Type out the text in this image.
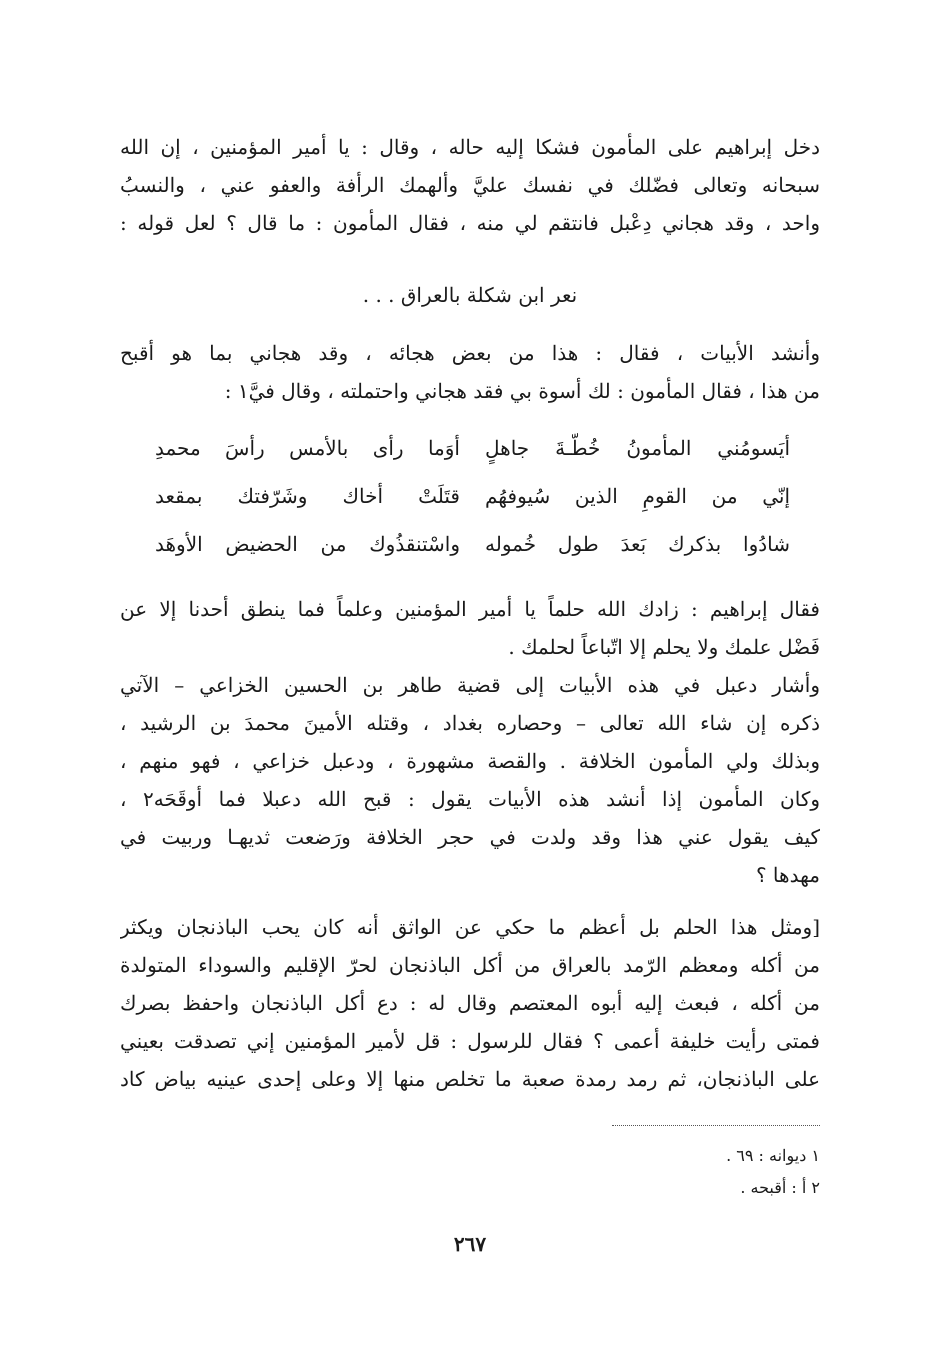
دخل إبراهيم على المأمون فشكا إليه حاله ، وقال : يا أمير المؤمنين ، إن الله
سبحانه وتعالى فضّلك في نفسك عليَّ وألهمك الرأفة والعفو عني ، والنسبُ
واحد ، وقد هجاني دِعْبل فانتقم لي منه ، فقال المأمون : ما قال ؟ لعل قوله :
نعر ابن شكلة بالعراق . . .
وأنشد الأبيات ، فقال : هذا من بعض هجائه ، وقد هجاني بما هو أقبح
من هذا ، فقال المأمون : لك أسوة بي فقد هجاني واحتملته ، وقال فيَّ١ :
أيَسومُني المأمونُ خُطّـةَ جاهلٍ
أوَما رأى بالأمس رأسَ محمدِ
إنّي من القومِ الذين سُيوفهُم
قتَلَتْ أخاك وشَرّفتك بمقعد
شادُوا بذكرك بَعدَ طول خُموله
واسْتنقذُوك من الحضيض الأوهَد
فقال إبراهيم : زادك الله حلماً يا أمير المؤمنين وعلماً فما ينطق أحدنا إلا عن
فَضْل علمك ولا يحلم إلا اتّباعاً لحلمك .
وأشار دعبل في هذه الأبيات إلى قضية طاهر بن الحسين الخزاعي – الآتي
ذكره إن شاء الله تعالى – وحصاره بغداد ، وقتله الأمينَ محمدَ بن الرشيد ،
وبذلك ولي المأمون الخلافة . والقصة مشهورة ، ودعبل خزاعي ، فهو منهم ،
وكان المأمون إذا أنشد هذه الأبيات يقول : قبح الله دعبلا فما أوقَحَه٢ ،
كيف يقول عني هذا وقد ولدت في حجر الخلافة ورَضعت ثديهـا وربيت في
مهدها ؟
[ومثل هذا الحلم بل أعظم ما حكي عن الواثق أنه كان يحب الباذنجان ويكثر
من أكله ومعظم الرّمد بالعراق من أكل الباذنجان لحرّ الإقليم والسوداء المتولدة
من أكله ، فبعث إليه أبوه المعتصم وقال له : دع أكل الباذنجان واحفظ بصرك
فمتى رأيت خليفة أعمى ؟ فقال للرسول : قل لأمير المؤمنين إني تصدقت بعيني
على الباذنجان، ثم رمد رمدة صعبة ما تخلص منها إلا وعلى إحدى عينيه بياض كاد
١ ديوانه : ٦٩ .
٢ أ : أقبحه .
٢٦٧
